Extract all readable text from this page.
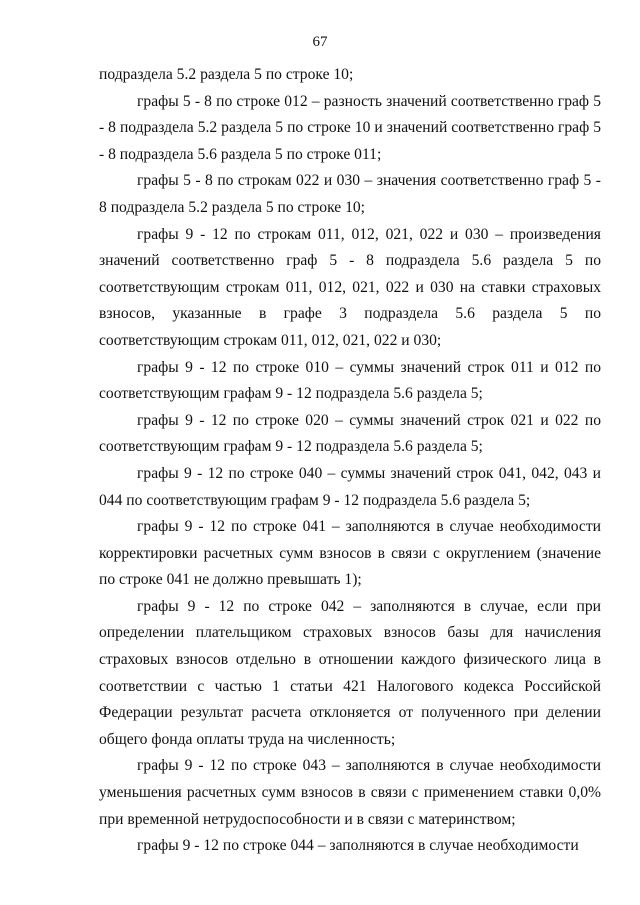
67

подраздела 5.2 раздела 5 по строке 10;

графы 5 - 8 по строке 012 – разность значений соответственно граф 5 - 8 подраздела 5.2 раздела 5 по строке 10 и значений соответственно граф 5 - 8 подраздела 5.6 раздела 5 по строке 011;

графы 5 - 8 по строкам 022 и 030 – значения соответственно граф 5 - 8 подраздела 5.2 раздела 5 по строке 10;

графы 9 - 12 по строкам 011, 012, 021, 022 и 030 – произведения значений соответственно граф 5 - 8 подраздела 5.6 раздела 5 по соответствующим строкам 011, 012, 021, 022 и 030 на ставки страховых взносов, указанные в графе 3 подраздела 5.6 раздела 5 по соответствующим строкам 011, 012, 021, 022 и 030;

графы 9 - 12 по строке 010 – суммы значений строк 011 и 012 по соответствующим графам 9 - 12 подраздела 5.6 раздела 5;

графы 9 - 12 по строке 020 – суммы значений строк 021 и 022 по соответствующим графам 9 - 12 подраздела 5.6 раздела 5;

графы 9 - 12 по строке 040 – суммы значений строк 041, 042, 043 и 044 по соответствующим графам 9 - 12 подраздела 5.6 раздела 5;

графы 9 - 12 по строке 041 – заполняются в случае необходимости корректировки расчетных сумм взносов в связи с округлением (значение по строке 041 не должно превышать 1);

графы 9 - 12 по строке 042 – заполняются в случае, если при определении плательщиком страховых взносов базы для начисления страховых взносов отдельно в отношении каждого физического лица в соответствии с частью 1 статьи 421 Налогового кодекса Российской Федерации результат расчета отклоняется от полученного при делении общего фонда оплаты труда на численность;

графы 9 - 12 по строке 043 – заполняются в случае необходимости уменьшения расчетных сумм взносов в связи с применением ставки 0,0% при временной нетрудоспособности и в связи с материнством;

графы 9 - 12 по строке 044 – заполняются в случае необходимости
